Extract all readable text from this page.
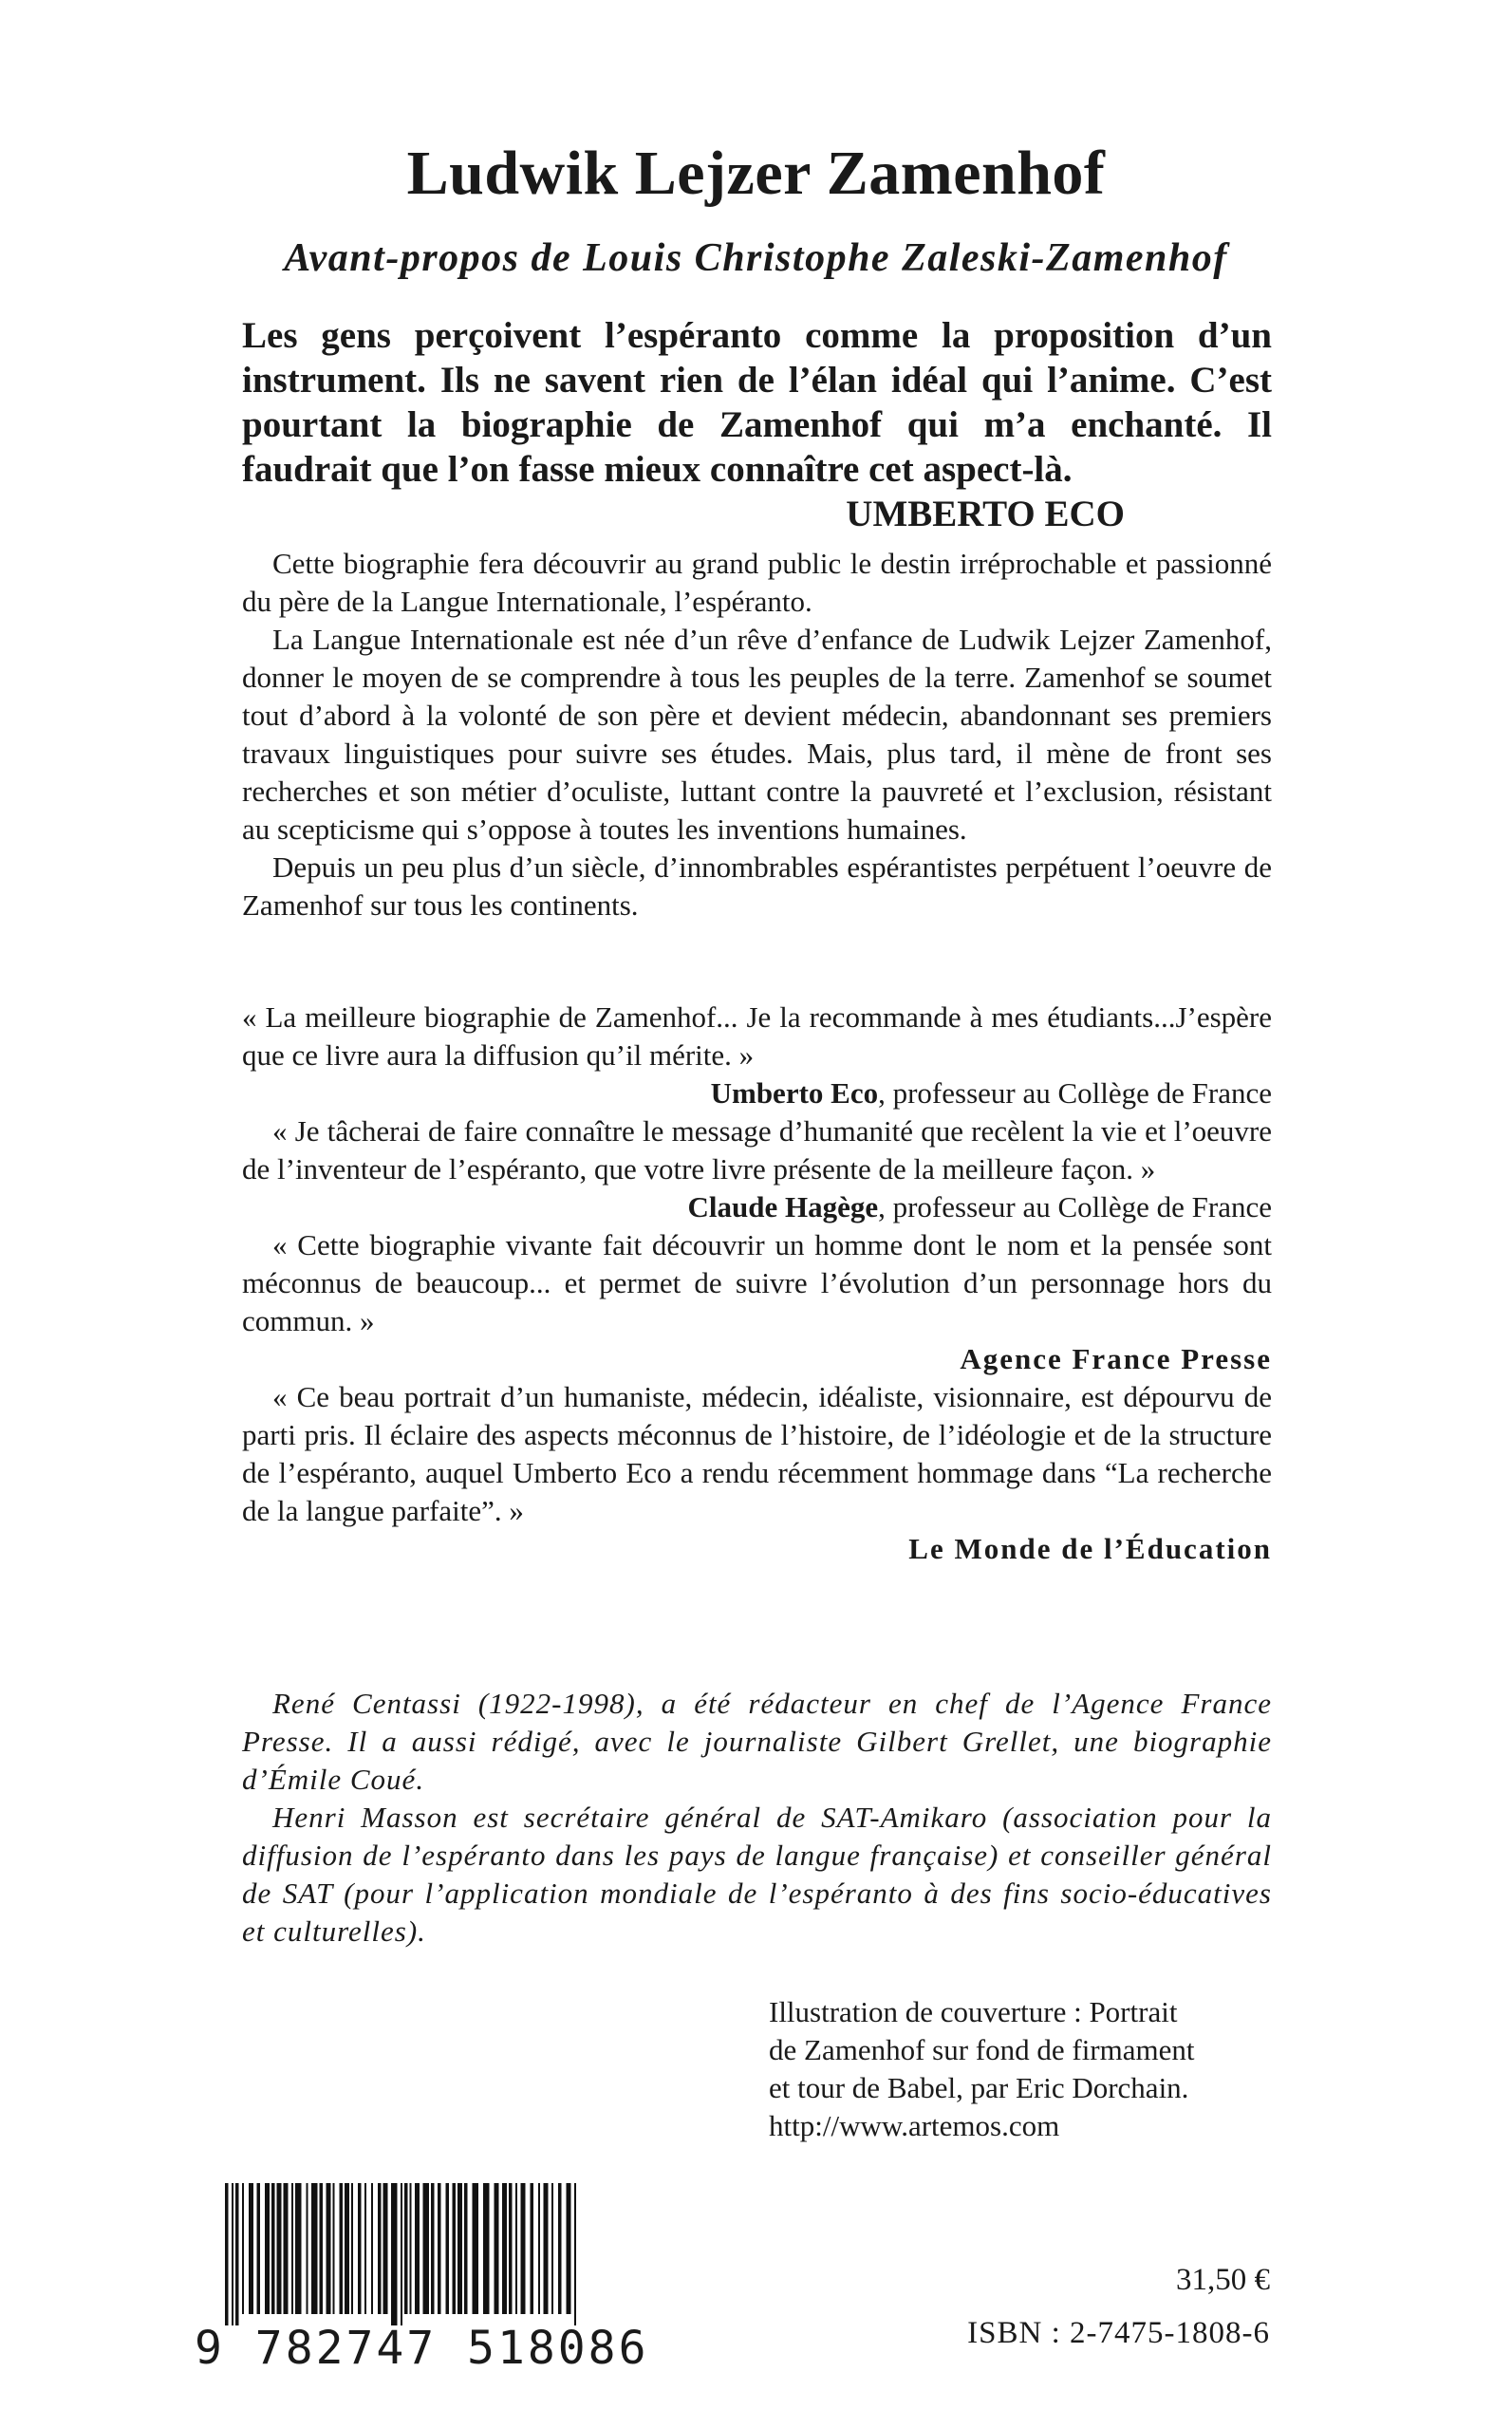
Ludwik Lejzer Zamenhof
Avant-propos de Louis Christophe Zaleski-Zamenhof
Les gens perçoivent l’espéranto comme la proposition d’un instrument. Ils ne savent rien de l’élan idéal qui l’anime. C’est pourtant la biographie de Zamenhof qui m’a enchanté. Il faudrait que l’on fasse mieux connaître cet aspect-là.
UMBERTO ECO

Cette biographie fera découvrir au grand public le destin irréprochable et passionné du père de la Langue Internationale, l’espéranto.

La Langue Internationale est née d’un rêve d’enfance de Ludwik Lejzer Zamenhof, donner le moyen de se comprendre à tous les peuples de la terre. Zamenhof se soumet tout d’abord à la volonté de son père et devient médecin, abandonnant ses premiers travaux linguistiques pour suivre ses études. Mais, plus tard, il mène de front ses recherches et son métier d’oculiste, luttant contre la pauvreté et l’exclusion, résistant au scepticisme qui s’oppose à toutes les inventions humaines.

Depuis un peu plus d’un siècle, d’innombrables espérantistes perpétuent l’oeuvre de Zamenhof sur tous les continents.

« La meilleure biographie de Zamenhof... Je la recommande à mes étudiants...J’espère que ce livre aura la diffusion qu’il mérite. »

Umberto Eco, professeur au Collège de France

« Je tâcherai de faire connaître le message d’humanité que recèlent la vie et l’oeuvre de l’inventeur de l’espéranto, que votre livre présente de la meilleure façon. »

Claude Hagège, professeur au Collège de France

« Cette biographie vivante fait découvrir un homme dont le nom et la pensée sont méconnus de beaucoup... et permet de suivre l’évolution d’un personnage hors du commun. »

Agence France Presse

« Ce beau portrait d’un humaniste, médecin, idéaliste, visionnaire, est dépourvu de parti pris. Il éclaire des aspects méconnus de l’histoire, de l’idéologie et de la structure de l’espéranto, auquel Umberto Eco a rendu récemment hommage dans “La recherche de la langue parfaite”. »

Le Monde de l’Éducation

René Centassi (1922-1998), a été rédacteur en chef de l’Agence France Presse. Il a aussi rédigé, avec le journaliste Gilbert Grellet, une biographie d’Émile Coué.

Henri Masson est secrétaire général de SAT-Amikaro (association pour la diffusion de l’espéranto dans les pays de langue française) et conseiller général de SAT (pour l’application mondiale de l’espéranto à des fins socio-éducatives et culturelles).

Illustration de couverture : Portrait
de Zamenhof sur fond de firmament
et tour de Babel, par Eric Dorchain.
http://www.artemos.com
9 782747 518086
31,50 €
ISBN : 2-7475-1808-6
